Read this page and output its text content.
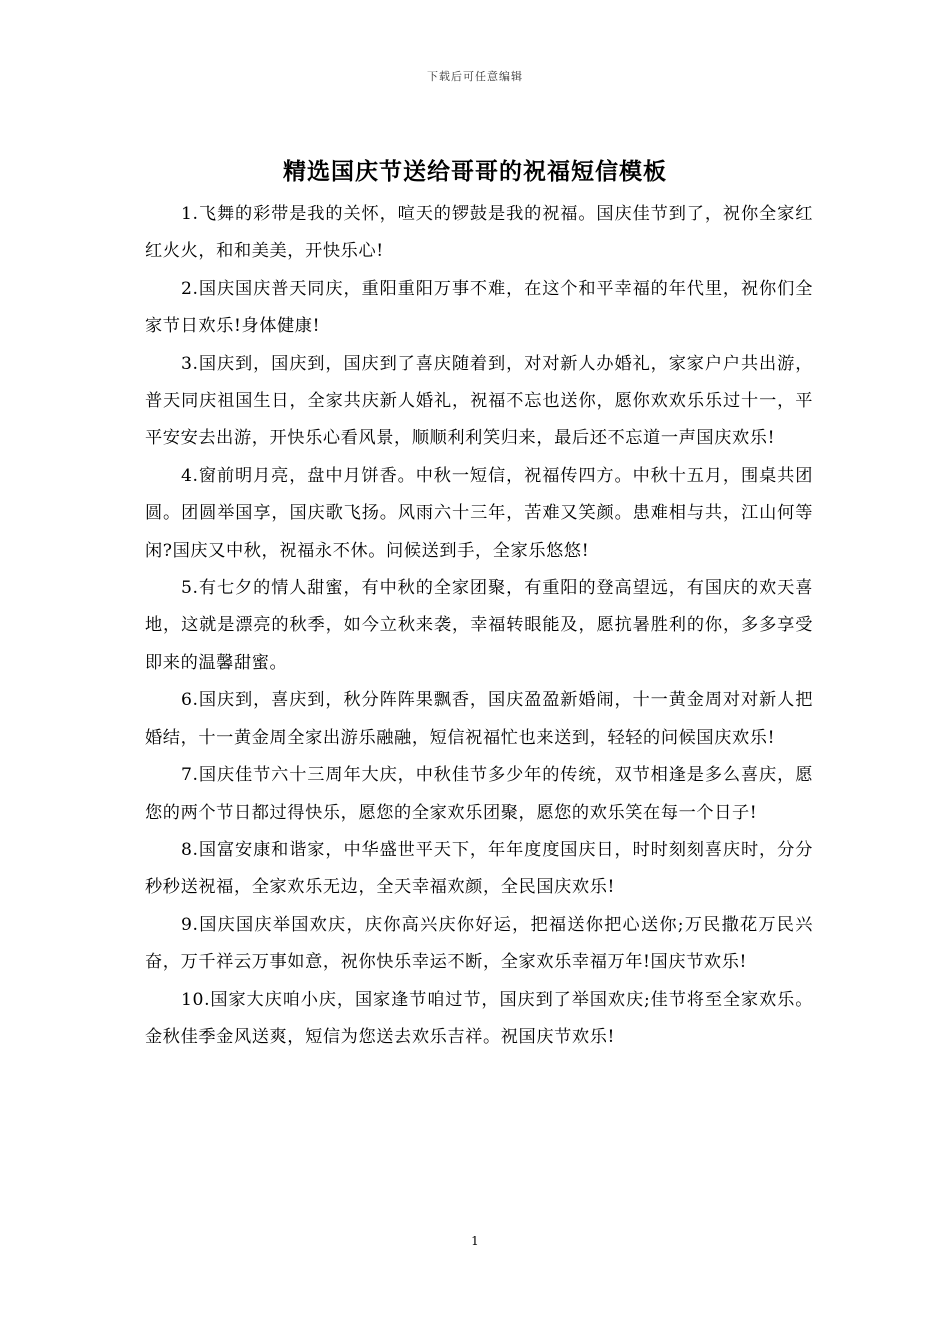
下载后可任意编辑
精选国庆节送给哥哥的祝福短信模板

1.飞舞的彩带是我的关怀，喧天的锣鼓是我的祝福。国庆佳节到了，祝你全家红红火火，和和美美，开快乐心!

2.国庆国庆普天同庆，重阳重阳万事不难，在这个和平幸福的年代里，祝你们全家节日欢乐!身体健康!

3.国庆到，国庆到，国庆到了喜庆随着到，对对新人办婚礼，家家户户共出游，普天同庆祖国生日，全家共庆新人婚礼，祝福不忘也送你，愿你欢欢乐乐过十一，平平安安去出游，开快乐心看风景，顺顺利利笑归来，最后还不忘道一声国庆欢乐!

4.窗前明月亮，盘中月饼香。中秋一短信，祝福传四方。中秋十五月，围桌共团圆。团圆举国享，国庆歌飞扬。风雨六十三年，苦难又笑颜。患难相与共，江山何等闲?国庆又中秋，祝福永不休。问候送到手，全家乐悠悠!

5.有七夕的情人甜蜜，有中秋的全家团聚，有重阳的登高望远，有国庆的欢天喜地，这就是漂亮的秋季，如今立秋来袭，幸福转眼能及，愿抗暑胜利的你，多多享受即来的温馨甜蜜。

6.国庆到，喜庆到，秋分阵阵果飘香，国庆盈盈新婚闹，十一黄金周对对新人把婚结，十一黄金周全家出游乐融融，短信祝福忙也来送到，轻轻的问候国庆欢乐!

7.国庆佳节六十三周年大庆，中秋佳节多少年的传统，双节相逢是多么喜庆，愿您的两个节日都过得快乐，愿您的全家欢乐团聚，愿您的欢乐笑在每一个日子!

8.国富安康和谐家，中华盛世平天下，年年度度国庆日，时时刻刻喜庆时，分分秒秒送祝福，全家欢乐无边，全天幸福欢颜，全民国庆欢乐!

9.国庆国庆举国欢庆，庆你高兴庆你好运，把福送你把心送你;万民撒花万民兴奋，万千祥云万事如意，祝你快乐幸运不断，全家欢乐幸福万年!国庆节欢乐!

10.国家大庆咱小庆，国家逢节咱过节，国庆到了举国欢庆;佳节将至全家欢乐。金秋佳季金风送爽，短信为您送去欢乐吉祥。祝国庆节欢乐!

1
